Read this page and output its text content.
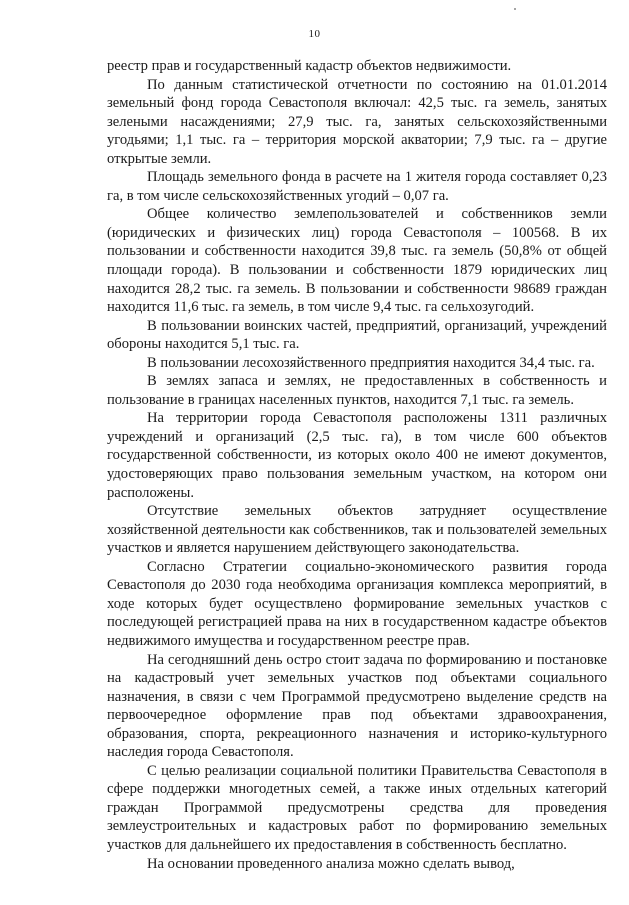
10

реестр прав и государственный кадастр объектов недвижимости.

По данным статистической отчетности по состоянию на 01.01.2014 земельный фонд города Севастополя включал: 42,5 тыс. га земель, занятых зелеными насаждениями; 27,9 тыс. га, занятых сельскохозяйственными угодьями; 1,1 тыс. га – территория морской акватории; 7,9 тыс. га – другие открытые земли.

Площадь земельного фонда в расчете на 1 жителя города составляет 0,23 га, в том числе сельскохозяйственных угодий – 0,07 га.

Общее количество землепользователей и собственников земли (юридических и физических лиц) города Севастополя – 100568. В их пользовании и собственности находится 39,8 тыс. га земель (50,8% от общей площади города). В пользовании и собственности 1879 юридических лиц находится 28,2 тыс. га земель. В пользовании и собственности 98689 граждан находится 11,6 тыс. га земель, в том числе 9,4 тыс. га сельхозугодий.

В пользовании воинских частей, предприятий, организаций, учреждений обороны находится 5,1 тыс. га.

В пользовании лесохозяйственного предприятия находится 34,4 тыс. га.

В землях запаса и землях, не предоставленных в собственность и пользование в границах населенных пунктов, находится 7,1 тыс. га земель.

На территории города Севастополя расположены 1311 различных учреждений и организаций (2,5 тыс. га), в том числе 600 объектов государственной собственности, из которых около 400 не имеют документов, удостоверяющих право пользования земельным участком, на котором они расположены.

Отсутствие земельных объектов затрудняет осуществление хозяйственной деятельности как собственников, так и пользователей земельных участков и является нарушением действующего законодательства.

Согласно Стратегии социально-экономического развития города Севастополя до 2030 года необходима организация комплекса мероприятий, в ходе которых будет осуществлено формирование земельных участков с последующей регистрацией права на них в государственном кадастре объектов недвижимого имущества и государственном реестре прав.

На сегодняшний день остро стоит задача по формированию и постановке на кадастровый учет земельных участков под объектами социального назначения, в связи с чем Программой предусмотрено выделение средств на первоочередное оформление прав под объектами здравоохранения, образования, спорта, рекреационного назначения и историко-культурного наследия города Севастополя.

С целью реализации социальной политики Правительства Севастополя в сфере поддержки многодетных семей, а также иных отдельных категорий граждан Программой предусмотрены средства для проведения землеустроительных и кадастровых работ по формированию земельных участков для дальнейшего их предоставления в собственность бесплатно.

На основании проведенного анализа можно сделать вывод,
